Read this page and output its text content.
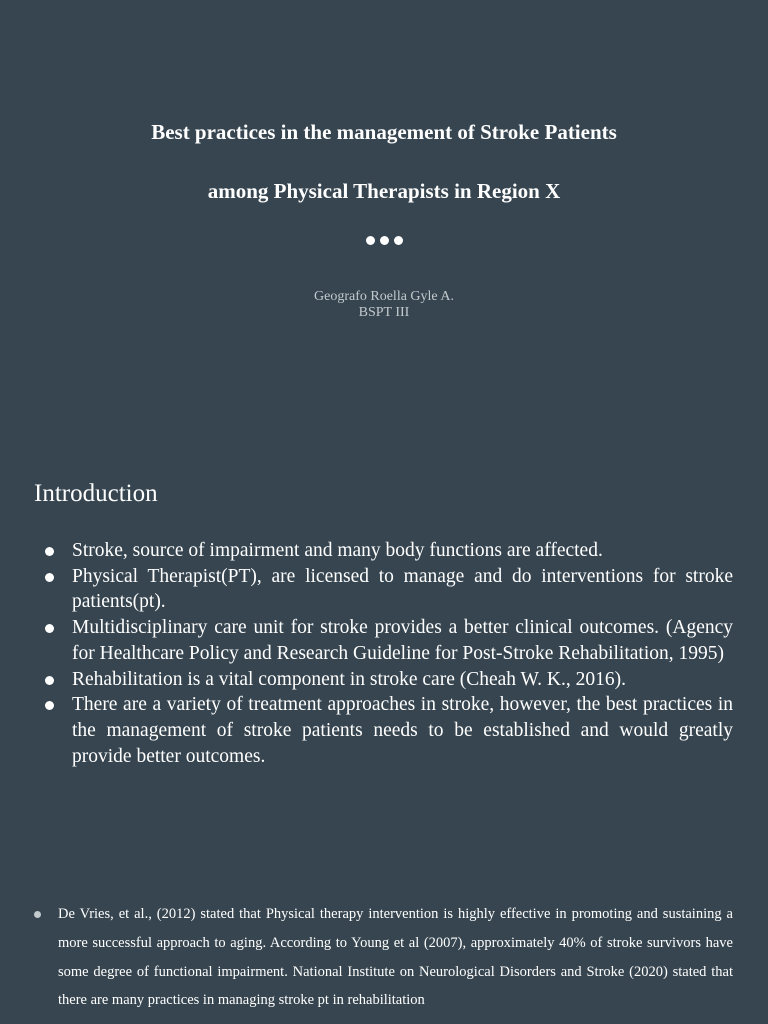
Best practices in the management of Stroke Patients
among Physical Therapists in Region X
Geografo Roella Gyle A.
BSPT III
Introduction
Stroke, source of impairment and many body functions are affected.
Physical Therapist(PT), are licensed to manage and do interventions for stroke patients(pt).
Multidisciplinary care unit for stroke provides a better clinical outcomes. (Agency for Healthcare Policy and Research Guideline for Post-Stroke Rehabilitation, 1995)
Rehabilitation is a vital component in stroke care (Cheah W. K., 2016).
There are a variety of treatment approaches in stroke, however, the best practices in the management of stroke patients needs to be established and would greatly provide better outcomes.
De Vries, et al., (2012) stated that Physical therapy intervention is highly effective in promoting and sustaining a more successful approach to aging. According to Young et al (2007), approximately 40% of stroke survivors have some degree of functional impairment. National Institute on Neurological Disorders and Stroke (2020) stated that there are many practices in managing stroke pt in rehabilitation
